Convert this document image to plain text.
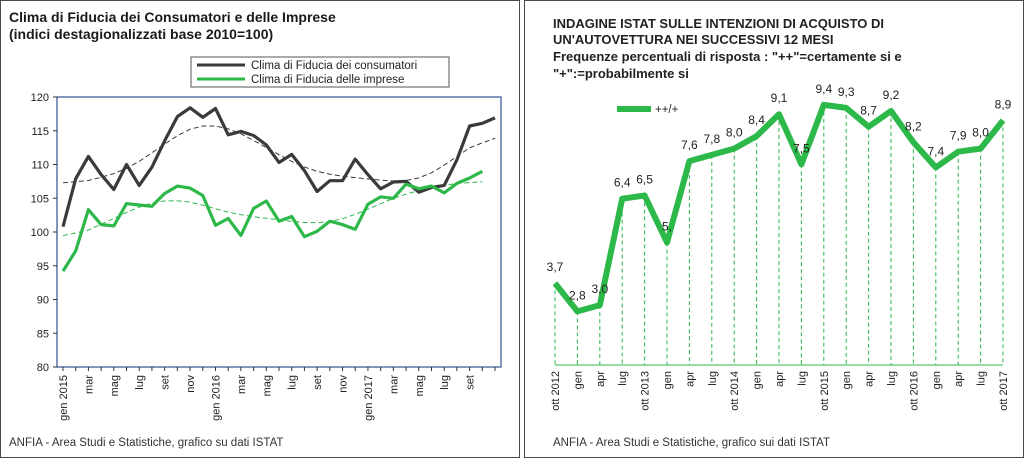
Clima di Fiducia dei Consumatori e delle Imprese
(indici destagionalizzati base 2010=100)
80
85
90
95
100
105
110
115
120
gen 2015 mar mag lug set nov gen 2016 mar mag lug set nov gen 2017 mar mag lug set
Clima di Fiducia dei consumatori
Clima di Fiducia delle imprese
ANFIA - Area Studi e Statistiche, grafico su dati ISTAT
INDAGINE ISTAT SULLE INTENZIONI DI ACQUISTO DI
UN'AUTOVETTURA NEI SUCCESSIVI 12 MESI
Frequenze percentuali di risposta : "++"=certamente si e
"+":=probabilmente si
3,7
2,8 3,0
6,4 6,5
5,
7,6 7,8 8,0
8,4
9,1
7,5
9,4 9,3
8,7
9,2
8,2
7,4
7,9 8,0
8,9
ott 2012 gen apr lug ott 2013 gen apr lug ott 2014 gen apr lug ott 2015 gen apr lug ott 2016 gen apr lug ott 2017
++/+
ANFIA - Area Studi e Statistiche, grafico sui dati ISTAT
